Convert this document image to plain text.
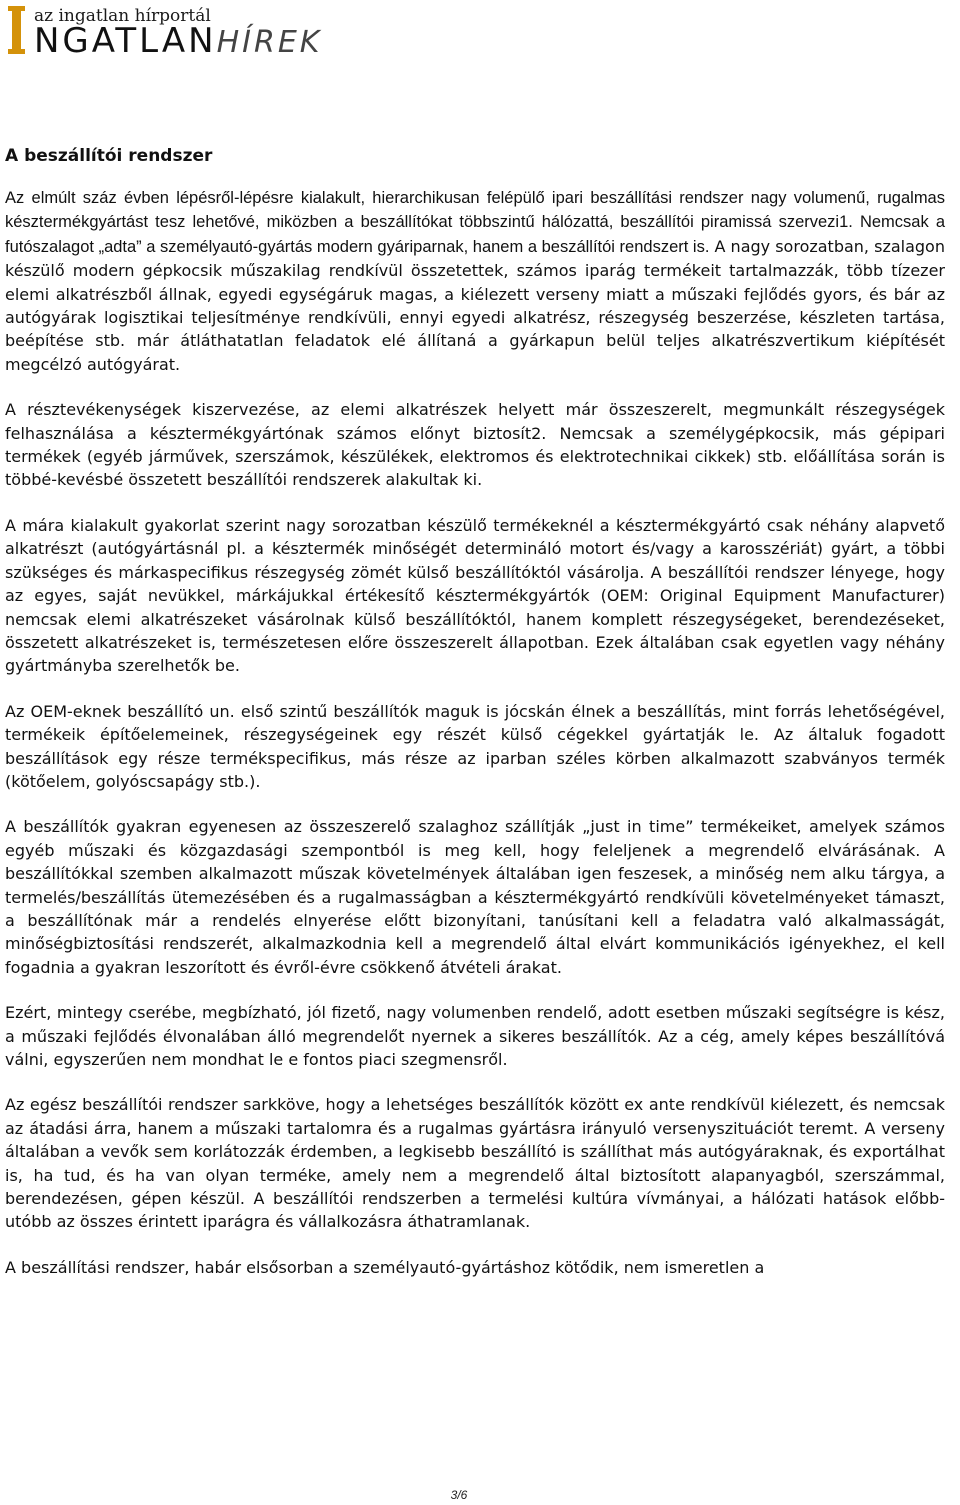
az ingatlan hírportál
NGATLANHÍREK
A beszállítói rendszer

Az elmúlt száz évben lépésről-lépésre kialakult, hierarchikusan felépülő ipari beszállítási rendszer nagy volumenű, rugalmas késztermékgyártást tesz lehetővé, miközben a beszállítókat többszintű hálózattá, beszállítói piramissá szervezi1. Nemcsak a futószalagot „adta” a személyautó-gyártás modern gyáriparnak, hanem a beszállítói rendszert is. A nagy sorozatban, szalagon készülő modern gépkocsik műszakilag rendkívül összetettek, számos iparág termékeit tartalmazzák, több tízezer elemi alkatrészből állnak, egyedi egységáruk magas, a kiélezett verseny miatt a műszaki fejlődés gyors, és bár az autógyárak logisztikai teljesítménye rendkívüli, ennyi egyedi alkatrész, részegység beszerzése, készleten tartása, beépítése stb. már átláthatatlan feladatok elé állítaná a gyárkapun belül teljes alkatrészvertikum kiépítését megcélzó autógyárat.

A résztevékenységek kiszervezése, az elemi alkatrészek helyett már összeszerelt, megmunkált részegységek felhasználása a késztermékgyártónak számos előnyt biztosít2. Nemcsak a személygépkocsik, más gépipari termékek (egyéb járművek, szerszámok, készülékek, elektromos és elektrotechnikai cikkek) stb. előállítása során is többé-kevésbé összetett beszállítói rendszerek alakultak ki.

A mára kialakult gyakorlat szerint nagy sorozatban készülő termékeknél a késztermékgyártó csak néhány alapvető alkatrészt (autógyártásnál pl. a késztermék minőségét determináló motort és/vagy a karosszériát) gyárt, a többi szükséges és márkaspecifikus részegység zömét külső beszállítóktól vásárolja. A beszállítói rendszer lényege, hogy az egyes, saját nevükkel, márkájukkal értékesítő késztermékgyártók (OEM: Original Equipment Manufacturer) nemcsak elemi alkatrészeket vásárolnak külső beszállítóktól, hanem komplett részegységeket, berendezéseket, összetett alkatrészeket is, természetesen előre összeszerelt állapotban. Ezek általában csak egyetlen vagy néhány gyártmányba szerelhetők be.

Az OEM-eknek beszállító un. első szintű beszállítók maguk is jócskán élnek a beszállítás, mint forrás lehetőségével, termékeik építőelemeinek, részegységeinek egy részét külső cégekkel gyártatják le. Az általuk fogadott beszállítások egy része termékspecifikus, más része az iparban széles körben alkalmazott szabványos termék (kötőelem, golyóscsapágy stb.).

A beszállítók gyakran egyenesen az összeszerelő szalaghoz szállítják „just in time” termékeiket, amelyek számos egyéb műszaki és közgazdasági szempontból is meg kell, hogy feleljenek a megrendelő elvárásának. A beszállítókkal szemben alkalmazott műszak követelmények általában igen feszesek, a minőség nem alku tárgya, a termelés/beszállítás ütemezésében és a rugalmasságban a késztermékgyártó rendkívüli követelményeket támaszt, a beszállítónak már a rendelés elnyerése előtt bizonyítani, tanúsítani kell a feladatra való alkalmasságát, minőségbiztosítási rendszerét, alkalmazkodnia kell a megrendelő által elvárt kommunikációs igényekhez, el kell fogadnia a gyakran leszorított és évről-évre csökkenő átvételi árakat.

Ezért, mintegy cserébe, megbízható, jól fizető, nagy volumenben rendelő, adott esetben műszaki segítségre is kész, a műszaki fejlődés élvonalában álló megrendelőt nyernek a sikeres beszállítók. Az a cég, amely képes beszállítóvá válni, egyszerűen nem mondhat le e fontos piaci szegmensről.

Az egész beszállítói rendszer sarkköve, hogy a lehetséges beszállítók között ex ante rendkívül kiélezett, és nemcsak az átadási árra, hanem a műszaki tartalomra és a rugalmas gyártásra irányuló versenyszituációt teremt. A verseny általában a vevők sem korlátozzák érdemben, a legkisebb beszállító is szállíthat más autógyáraknak, és exportálhat is, ha tud, és ha van olyan terméke, amely nem a megrendelő által biztosított alapanyagból, szerszámmal, berendezésen, gépen készül. A beszállítói rendszerben a termelési kultúra vívmányai, a hálózati hatások előbb-utóbb az összes érintett iparágra és vállalkozásra áthatramlanak.

A beszállítási rendszer, habár elsősorban a személyautó-gyártáshoz kötődik, nem ismeretlen a

3/6
